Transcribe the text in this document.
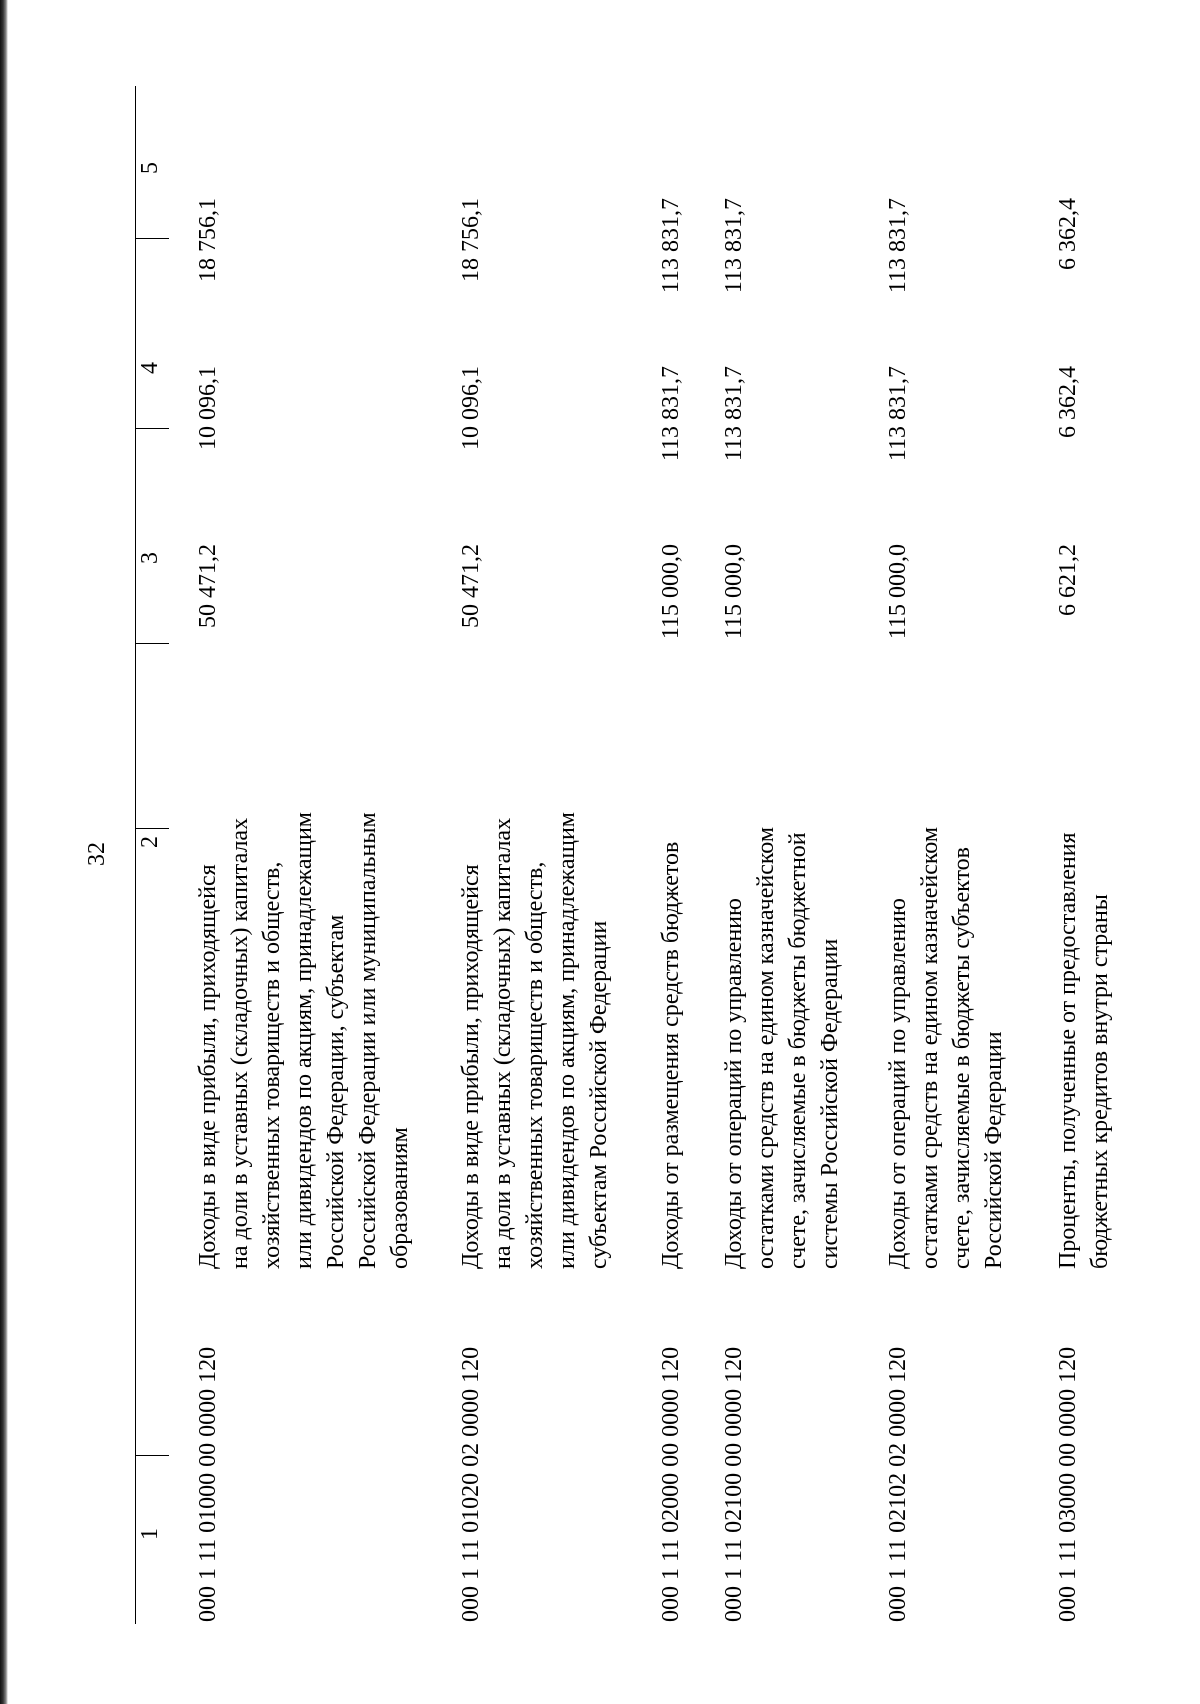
32
1
2
3
4
5
000 1 11 01000 00 0000 120
Доходы в виде прибыли, приходящейся на доли в уставных (складочных) капиталах хозяйственных товариществ и обществ, или дивидендов по акциям, принадлежащим Российской Федерации, субъектам Российской Федерации или муниципальным образованиям
50 471,2
10 096,1
18 756,1
000 1 11 01020 02 0000 120
Доходы в виде прибыли, приходящейся на доли в уставных (складочных) капиталах хозяйственных товариществ и обществ, или дивидендов по акциям, принадлежащим субъектам Российской Федерации
50 471,2
10 096,1
18 756,1
000 1 11 02000 00 0000 120
Доходы от размещения средств бюджетов
115 000,0
113 831,7
113 831,7
000 1 11 02100 00 0000 120
Доходы от операций по управлению остатками средств на едином казначейском счете, зачисляемые в бюджеты бюджетной системы Российской Федерации
115 000,0
113 831,7
113 831,7
000 1 11 02102 02 0000 120
Доходы от операций по управлению остатками средств на едином казначейском счете, зачисляемые в бюджеты субъектов Российской Федерации
115 000,0
113 831,7
113 831,7
000 1 11 03000 00 0000 120
Проценты, полученные от предоставления бюджетных кредитов внутри страны
6 621,2
6 362,4
6 362,4
